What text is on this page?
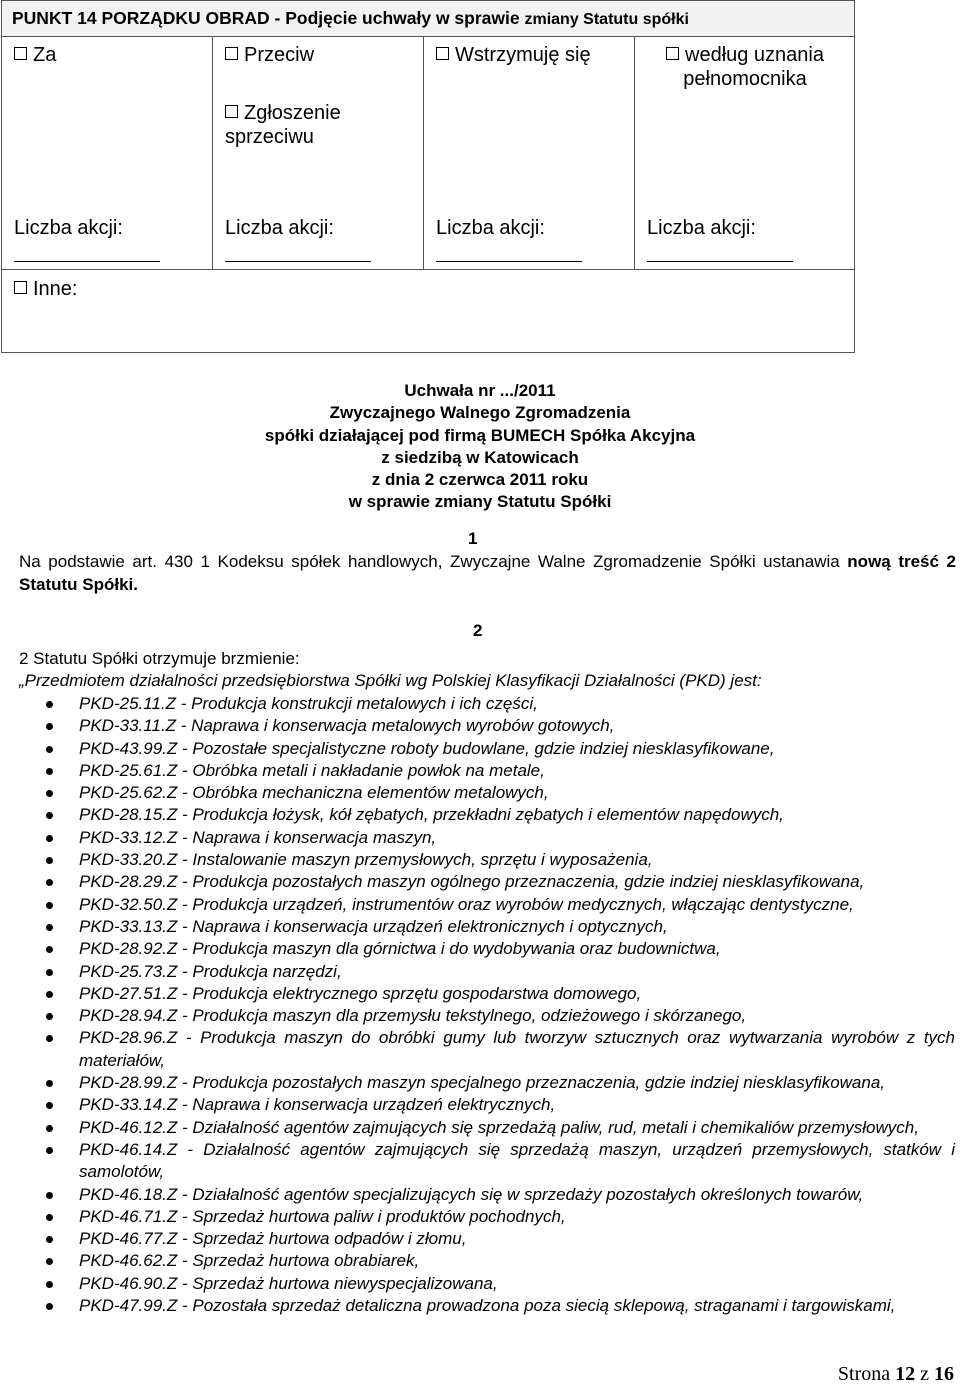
PUNKT 14 PORZĄDKU OBRAD - Podjęcie uchwały w sprawie zmiany Statutu spółki
Za
Liczba akcji:
Przeciw
Zgłoszenie sprzeciwu
Liczba akcji:
Wstrzymuję się
Liczba akcji:
według uznania pełnomocnika
Liczba akcji:
Inne:
Uchwała nr .../2011
Zwyczajnego Walnego Zgromadzenia
spółki działającej pod firmą BUMECH Spółka Akcyjna
z siedzibą w Katowicach
z dnia 2 czerwca 2011 roku
w sprawie zmiany Statutu Spółki
1
Na podstawie art. 430 1 Kodeksu spółek handlowych, Zwyczajne Walne Zgromadzenie Spółki ustanawia nową treść 2 Statutu Spółki.
2
2 Statutu Spółki otrzymuje brzmienie:
„Przedmiotem działalności przedsiębiorstwa Spółki wg Polskiej Klasyfikacji Działalności (PKD) jest:
PKD-25.11.Z - Produkcja konstrukcji metalowych i ich części,
PKD-33.11.Z - Naprawa i konserwacja metalowych wyrobów gotowych,
PKD-43.99.Z - Pozostałe specjalistyczne roboty budowlane, gdzie indziej niesklasyfikowane,
PKD-25.61.Z - Obróbka metali i nakładanie powłok na metale,
PKD-25.62.Z - Obróbka mechaniczna elementów metalowych,
PKD-28.15.Z - Produkcja łożysk, kół zębatych, przekładni zębatych i elementów napędowych,
PKD-33.12.Z - Naprawa i konserwacja maszyn,
PKD-33.20.Z - Instalowanie maszyn przemysłowych, sprzętu i wyposażenia,
PKD-28.29.Z - Produkcja pozostałych maszyn ogólnego przeznaczenia, gdzie indziej niesklasyfikowana,
PKD-32.50.Z - Produkcja urządzeń, instrumentów oraz wyrobów medycznych, włączając dentystyczne,
PKD-33.13.Z - Naprawa i konserwacja urządzeń elektronicznych i optycznych,
PKD-28.92.Z - Produkcja maszyn dla górnictwa i do wydobywania oraz budownictwa,
PKD-25.73.Z - Produkcja narzędzi,
PKD-27.51.Z - Produkcja elektrycznego sprzętu gospodarstwa domowego,
PKD-28.94.Z - Produkcja maszyn dla przemysłu tekstylnego, odzieżowego i skórzanego,
PKD-28.96.Z - Produkcja maszyn do obróbki gumy lub tworzyw sztucznych oraz wytwarzania wyrobów z tych materiałów,
PKD-28.99.Z - Produkcja pozostałych maszyn specjalnego przeznaczenia, gdzie indziej niesklasyfikowana,
PKD-33.14.Z - Naprawa i konserwacja urządzeń elektrycznych,
PKD-46.12.Z - Działalność agentów zajmujących się sprzedażą paliw, rud, metali i chemikaliów przemysłowych,
PKD-46.14.Z - Działalność agentów zajmujących się sprzedażą maszyn, urządzeń przemysłowych, statków i samolotów,
PKD-46.18.Z - Działalność agentów specjalizujących się w sprzedaży pozostałych określonych towarów,
PKD-46.71.Z - Sprzedaż hurtowa paliw i produktów pochodnych,
PKD-46.77.Z - Sprzedaż hurtowa odpadów i złomu,
PKD-46.62.Z - Sprzedaż hurtowa obrabiarek,
PKD-46.90.Z - Sprzedaż hurtowa niewyspecjalizowana,
PKD-47.99.Z - Pozostała sprzedaż detaliczna prowadzona poza siecią sklepową, straganami i targowiskami,
Strona 12 z 16
